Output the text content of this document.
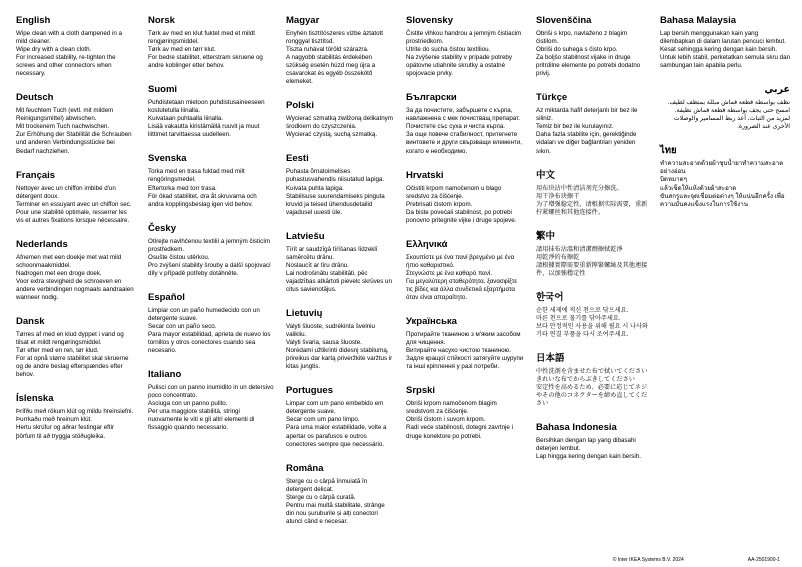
English

Wipe clean with a cloth dampened in a mild cleaner.

Wipe dry with a clean cloth.

For increased stability, re-tighten the screws and other connectors when necessary.

Deutsch

Mit feuchtem Tuch (evtl. mit mildem Reinigungsmittel) abwischen.

Mit trockenem Tuch nachwischen.

Zur Erhöhung der Stabilität die Schrauben und anderen Verbindungsstücke bei Bedarf nachziehen.

Français

Nettoyer avec un chiffon imbibé d'un détergent doux.

Terminer en essuyant avec un chiffon sec.

Pour une stabilité optimale, resserrer les vis et autres fixations lorsque nécessaire.

Nederlands

Afnemen met een doekje met wat mild schoonmaakmiddel.

Nadrogen met een droge doek.

Voor extra stevigheid de schroeven en andere verbindingen nogmaals aandraaien wanneer nodig.

Dansk

Tørres af med en klud dyppet i vand og tilsat et mildt rengøringsmiddel.

Tør efter med en ren, tør klud.

For at opnå større stabilitet skal skruerne og de andre beslag efterspændes efter behov.

Íslenska

Þrífðu með rökum klút og mildu hreinsiefni.

Þurrkaðu með hreinum klút.

Hertu skrúfur og aðrar festingar eftir þörfum til að tryggja stöðugleika.

Norsk

Tørk av med en klut fuktet med et mildt rengjøringsmiddel.

Tørk av med en tørr klut.

For bedre stabilitet, etterstram skruene og andre koblinger etter behov.

Suomi

Puhdistetaan mietoon puhdistusaineeseen kostutetulla liinalla.

Kuivataan puhtaalla liinalla.

Lisää vakautta kiristämällä ruuvit ja muut liittimet tarvittaessa uudelleen.

Svenska

Torka med en trasa fuktad med milt rengöringsmedel.

Eftertorka med torr trasa.

För ökad stabilitet, dra åt skruvarna och andra kopplingsbeslag igen vid behov.

Česky

Otírejte navlhčenou textilií a jemným čisticím prostředkem.

Osušte čistou utěrkou.

Pro zvýšení stability šrouby a další spojovací díly v případě potřeby dotáhněte.

Español

Limpiar con un paño humedecido con un detergente suave.

Secar con un paño seco.

Para mayor estabilidad, aprieta de nuevo los tornillos y otros conectores cuando sea necesario.

Italiano

Pulisci con un panno inumidito in un detersivo poco concentrato.

Asciuga con un panno pulito.

Per una maggiore stabilità, stringi nuovamente le viti e gli altri elementi di fissaggio quando necessario.

Magyar

Enyhén tisztítószeres vizbe áztatott ronggyal tisztítsd.

Tiszta ruhával töröld szárazra.

A nagyobb stabilitás érdekében szükség esetén húzd meg újra a csavarokat és egyéb összekötő elemeket.

Polski

Wycierać szmatką zwilżoną delikatnym środkiem do czyszczenia.

Wycierać czystą, suchą szmatką.

Eesti

Puhasta õrnatoimelises puhastusvahendis niisutatud lapiga.

Kuivata puhta lapiga.

Stabiilsuse suurendamiseks pinguta kruvid ja teised ühendusdetailid vajadusel uuesti üle.

Latviešu

Tīrīt ar saudzīgā tīrīšanas līdzeklī samērcētu drānu.

Noslaucīt ar tīru drānu.

Lai nodrošinātu stabilitāti, pēc vajadzības atkārtoti pievelc skrūves un citus savienotājus.

Lietuvių

Valyti šluoste, sudrėkinta švelniu valikliu.

Valyti švaria, sausa šluoste.

Norėdami užtikrinti didesnį stabilumą, prireikus dar kartą priveržkite varžtus ir kitas jungtis.

Portugues

Limpar com um pano embebido em detergente suave.

Secar com um pano limpo.

Para uma maior estabilidade, volte a apertar os parafusos e outros conectores sempre que necessário.

Româna

Șterge cu o cârpă înmuiată în detergent delicat.

Șterge cu o cârpă curată.

Pentru mai multă stabilitate, strânge din nou șuruburile și alți conectori atunci când e necesar.

Slovensky

Čistite vlhkou handrou a jemným čistiacim prostriedkom.

Utrite do sucha čistou textíliou.

Na zvýšenie stability v prípade potreby opätovne utiahnite skrutky a ostatné spojovacie prvky.

Български

За да почистите, забършете с кърпа, навлажнена с мек почистващ препарат.

Почистете със суха и чиста кърпа.

За още повече стабилност, притегнете винтовете и други свързващи елементи, когато е необходимо.

Hrvatski

Očistiti krpom namočenom u blago sredstvo za čišćenje.

Prebrisati čistom krpom.

Da biste povećali stabilnost, po potrebi ponovno pritegnite vijke i druge spojeve.

Ελληνικά

Σκουπίστε με ένα πανί βρεγμένο με ένα ήπιο καθαριστικό.

Στεγνώστε με ένα καθαρό πανί.

Για μεγαλύτερη σταθερότητα, ξανασφίξτε τις βίδες και άλλα συνδετικά εξαρτήματα όταν είναι απαραίτητο.

Українська

Протирайте тканиною з м'яким засобом для чищення.

Витирайте насухо чистою тканиною.

Задля кращої стійкості затягуйте шурупи та інші кріплення у разі потреби.

Srpski

Obriši krpom namočenom blagim sredstvom za čišćenje.

Obriši čistom i suvom krpom.

Radi veće stabilnosti, dotegni zavrtnje i druge konektore po potrebi.

Slovenščina

Obriši s krpo, navlaženo z blagim čistilom.

Obriši do suhega s čisto krpo.

Za boljšo stabilnost vijake in druge pritrdilne elemente po potrebi dodatno privij.

Türkçe

Az miktarda hafif deterjanlı bir bez ile siliniz.

Temiz bir bez ile kurulayınız.

Daha fazla stabilite için, gerektiğinde vidaları ve diğer bağlantıları yeniden sıkın.

中文

用布块沾中性清洁剂充分擦洗。

用干净布块擦干

为了增强稳定性，请根据实际需要，重新拧紧螺丝和其他连接件。

繁中

請用抹布沾溫和清潔劑擦拭乾淨

用乾淨的布擦乾

請根據實際需要重新擰緊螺絲及其他連接件，以加強穩定性

한국어

순한 세제에 적신 천으로 닦으세요.

마른 천으로 물기를 닦아주세요.

보다 안정적인 사용을 위해 필요 시 나사와 기타 연결 부품을 다시 조여주세요.

日本語

中性洗剤を含ませた布で拭いてください

きれいな布でからぶきしてください

安定性を高めるため、必要に応じてネジやその他のコネクターを締め直してください

Bahasa Indonesia

Bersihkan dengan lap yang dibasahi deterjen lembut.

Lap hingga kering dengan kain bersih.

Bahasa Malaysia

Lap bersih menggunakan kain yang dilembapkan di dalam larutan pencuci lembut.

Kesat sehingga kering dengan kain bersih.

Untuk lebih stabil, perketatkan semula skru dan sambungan lain apabila perlu.

عربي

نظف بواسطة قطعة قماش مبللة بمنظف لطيف.

امسح حتى يجف بواسطة قطعة قماش نظيفة.

لمزيد من الثبات، أعد ربط المسامير والوصلات الأخرى عند الضرورة.

ไทย

ทำความสะอาดด้วยผ้าชุบน้ำยาทำความสะอาดอย่างอ่อน

บิดหมาดๆ

แล้วเช็ดให้แห้งด้วยผ้าสะอาด

ขันสกรูและจุดเชื่อมต่อต่างๆ ให้แน่นอีกครั้ง เพื่อความมั่นคงแข็งแรงในการใช้งาน

© Inter IKEA Systems B.V. 2024	AA-2501900-1
